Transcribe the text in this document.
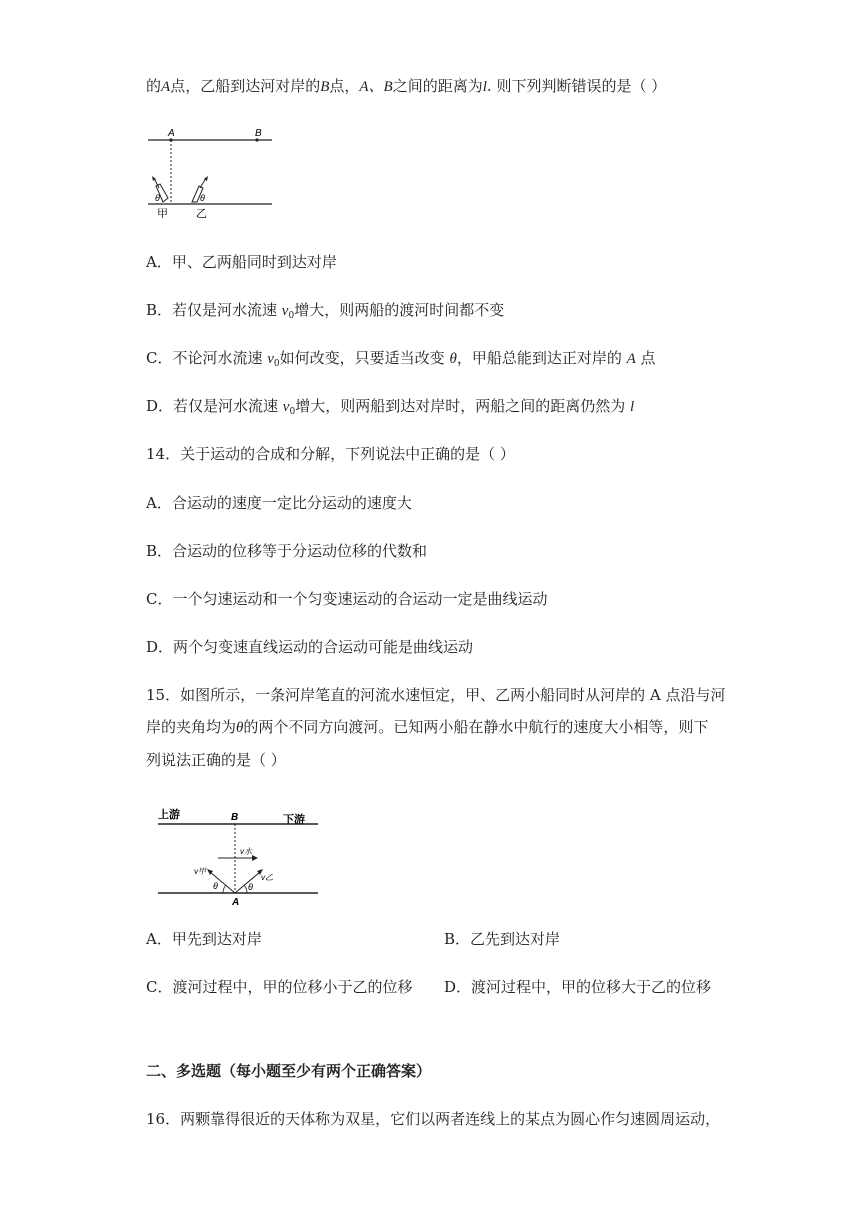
的A点，乙船到达河对岸的B点，A、B之间的距离为l. 则下列判断错误的是（ ）
A	B
θ	θ
甲	乙
A．甲、乙两船同时到达对岸
B．若仅是河水流速 $v_0$增大，则两船的渡河时间都不变
C．不论河水流速 $v_0$如何改变，只要适当改变 θ，甲船总能到达正对岸的 A 点
D．若仅是河水流速 $v_0$增大，则两船到达对岸时，两船之间的距离仍然为 l
14．关于运动的合成和分解，下列说法中正确的是（ ）
A．合运动的速度一定比分运动的速度大
B．合运动的位移等于分运动位移的代数和
C．一个匀速运动和一个匀变速运动的合运动一定是曲线运动
D．两个匀变速直线运动的合运动可能是曲线运动
15．如图所示，一条河岸笔直的河流水速恒定，甲、乙两小船同时从河岸的 A 点沿与河
岸的夹角均为θ的两个不同方向渡河。已知两小船在静水中航行的速度大小相等，则下
列说法正确的是（ ）
上游	下游
B
v水
v甲
v乙
θ	θ
A
A．甲先到达对岸	B．乙先到达对岸
C．渡河过程中，甲的位移小于乙的位移 D．渡河过程中，甲的位移大于乙的位移
二、多选题（每小题至少有两个正确答案）
16．两颗靠得很近的天体称为双星，它们以两者连线上的某点为圆心作匀速圆周运动，
